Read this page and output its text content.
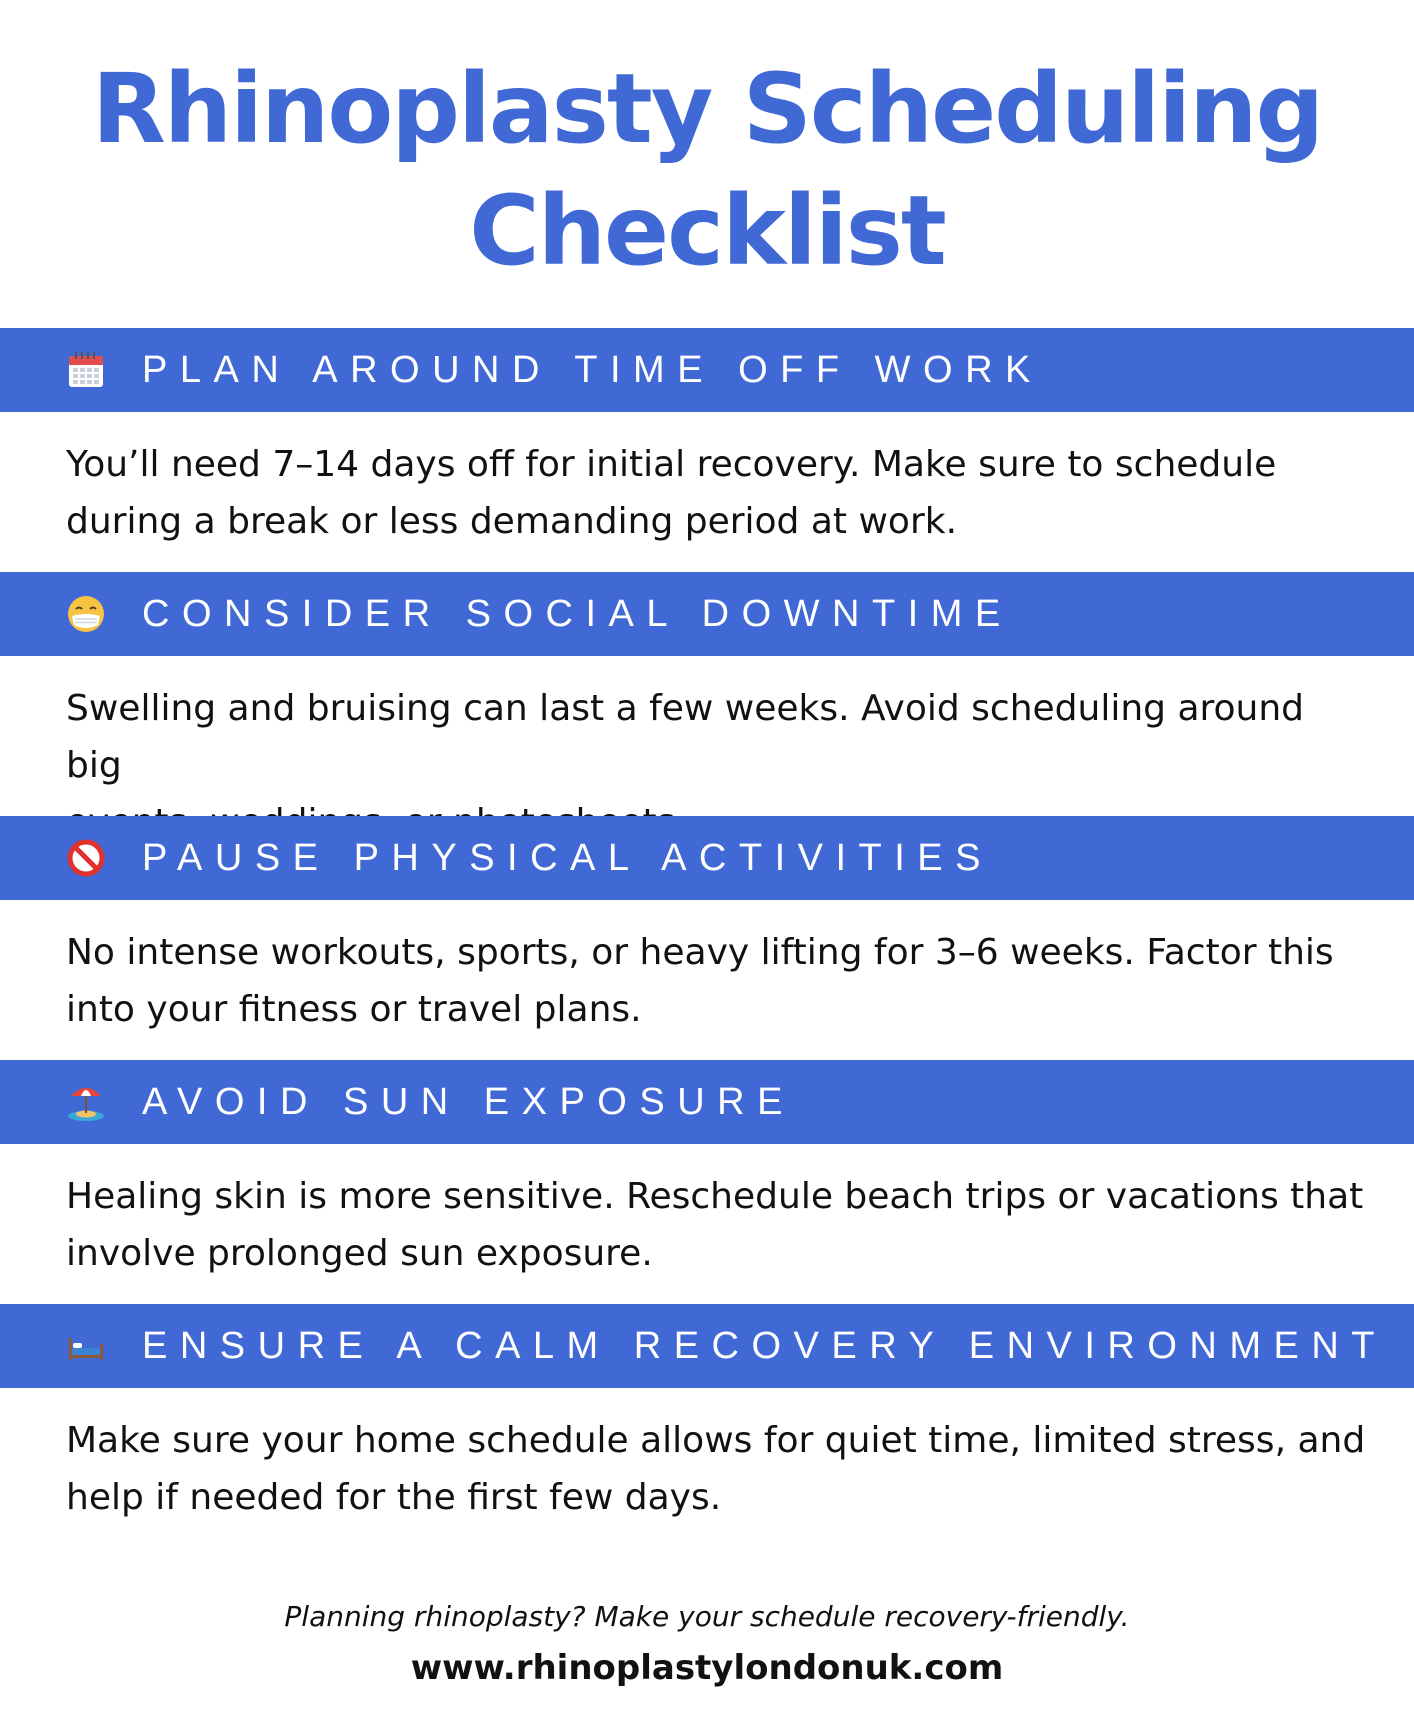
Rhinoplasty Scheduling
Checklist
PLAN AROUND TIME OFF WORK

You’ll need 7–14 days off for initial recovery. Make sure to schedule
during a break or less demanding period at work.

CONSIDER SOCIAL DOWNTIME

Swelling and bruising can last a few weeks. Avoid scheduling around big

PAUSE PHYSICAL ACTIVITIES

No intense workouts, sports, or heavy lifting for 3–6 weeks. Factor this
into your fitness or travel plans.

AVOID SUN EXPOSURE

Healing skin is more sensitive. Reschedule beach trips or vacations that
involve prolonged sun exposure.

ENSURE A CALM RECOVERY ENVIRONMENT

Make sure your home schedule allows for quiet time, limited stress, and
help if needed for the first few days.

Planning rhinoplasty? Make your schedule recovery-friendly.
www.rhinoplastylondonuk.com
